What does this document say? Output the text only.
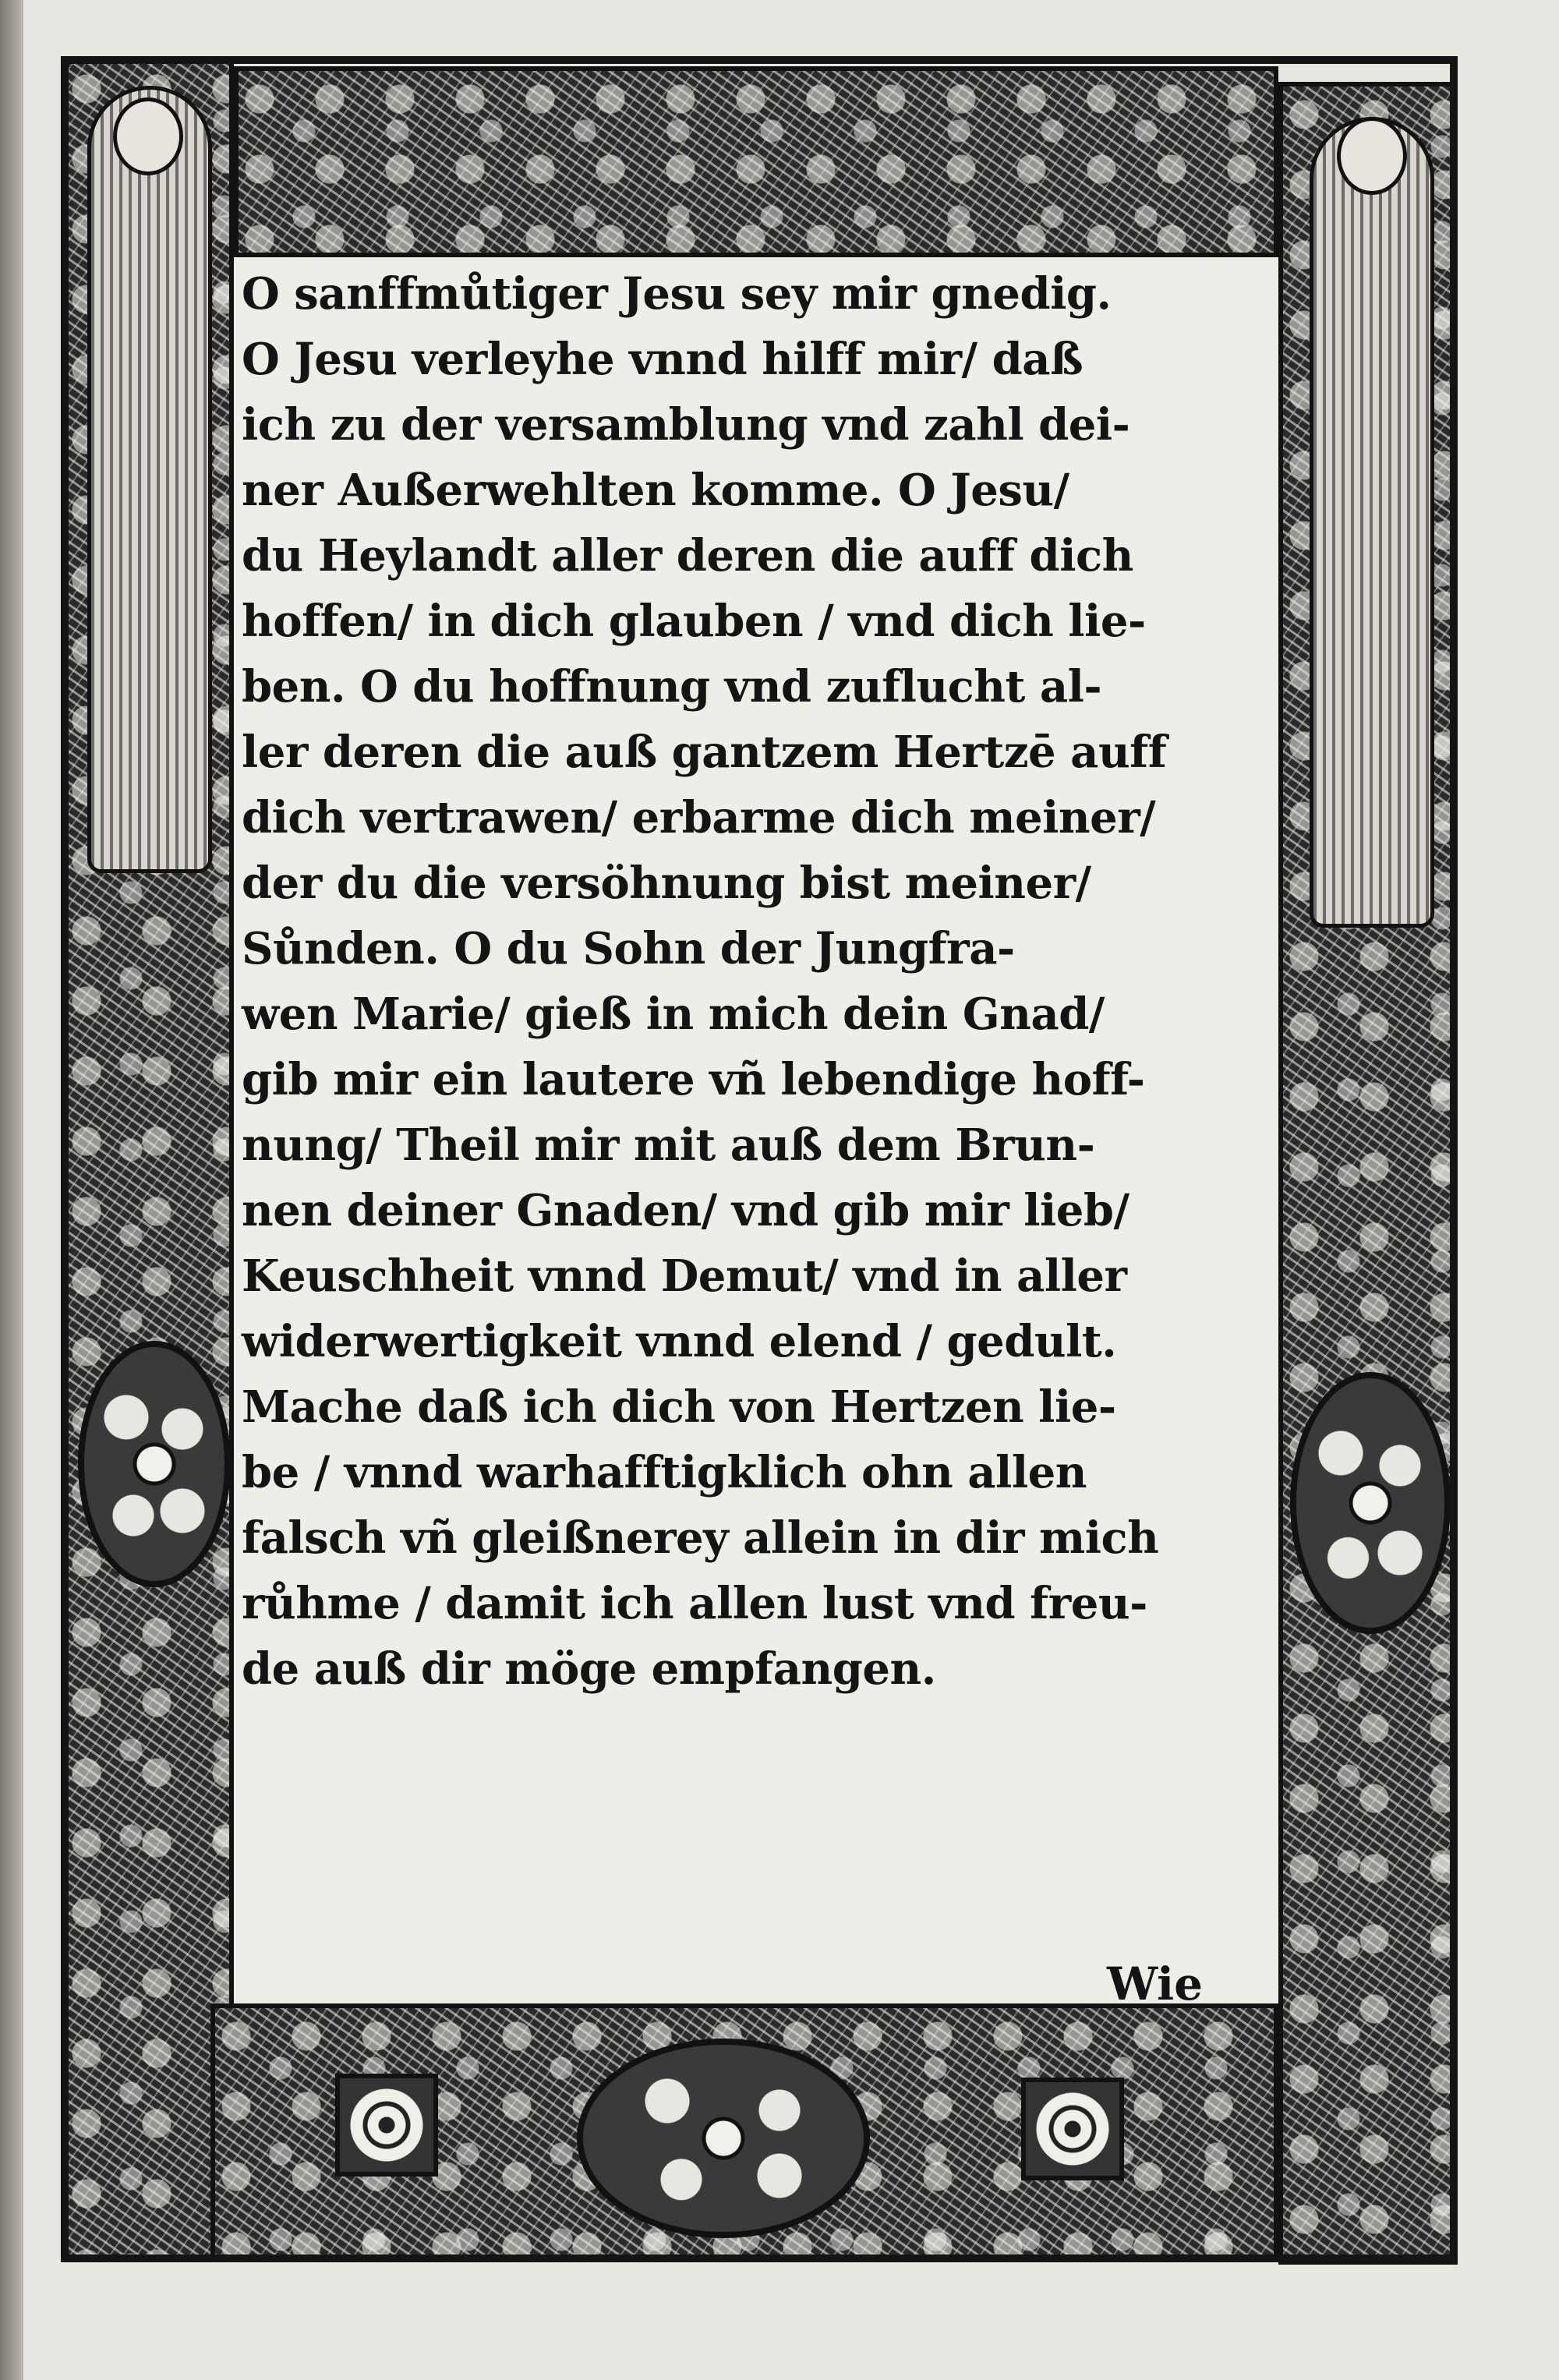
O sanffmůtiger Jesu sey mir gnedig.
O Jesu verleyhe vnnd hilff mir/ daß
ich zu der versamblung vnd zahl dei-
ner Außerwehlten komme. O Jesu/
du Heylandt aller deren die auff dich
hoffen/ in dich glauben / vnd dich lie-
ben. O du hoffnung vnd zuflucht al-
ler deren die auß gantzem Hertzē auff
dich vertrawen/ erbarme dich meiner/
der du die versöhnung bist meiner/
Sůnden. O du Sohn der Jungfra-
wen Marie/ gieß in mich dein Gnad/
gib mir ein lautere vñ lebendige hoff-
nung/ Theil mir mit auß dem Brun-
nen deiner Gnaden/ vnd gib mir lieb/
Keuschheit vnnd Demut/ vnd in aller
widerwertigkeit vnnd elend / gedult.
Mache daß ich dich von Hertzen lie-
be / vnnd warhafftigklich ohn allen
falsch vñ gleißnerey allein in dir mich
růhme / damit ich allen lust vnd freu-
de auß dir möge empfangen.
Wie
